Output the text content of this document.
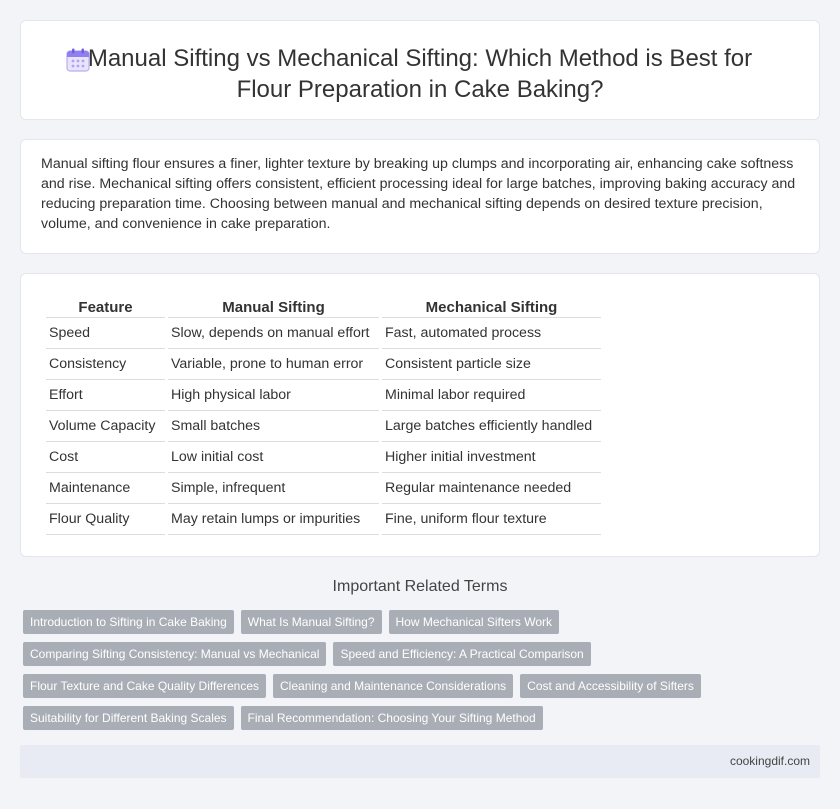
Manual Sifting vs Mechanical Sifting: Which Method is Best for Flour Preparation in Cake Baking?

Manual sifting flour ensures a finer, lighter texture by breaking up clumps and incorporating air, enhancing cake softness and rise. Mechanical sifting offers consistent, efficient processing ideal for large batches, improving baking accuracy and reducing preparation time. Choosing between manual and mechanical sifting depends on desired texture precision, volume, and convenience in cake preparation.

Feature	Manual Sifting	Mechanical Sifting
Speed	Slow, depends on manual effort	Fast, automated process
Consistency	Variable, prone to human error	Consistent particle size
Effort	High physical labor	Minimal labor required
Volume Capacity	Small batches	Large batches efficiently handled
Cost	Low initial cost	Higher initial investment
Maintenance	Simple, infrequent	Regular maintenance needed
Flour Quality	May retain lumps or impurities	Fine, uniform flour texture
Important Related Terms
Introduction to Sifting in Cake Baking	What Is Manual Sifting?	How Mechanical Sifters Work
Comparing Sifting Consistency: Manual vs Mechanical	Speed and Efficiency: A Practical Comparison
Flour Texture and Cake Quality Differences	Cleaning and Maintenance Considerations	Cost and Accessibility of Sifters
Suitability for Different Baking Scales	Final Recommendation: Choosing Your Sifting Method
cookingdif.com
